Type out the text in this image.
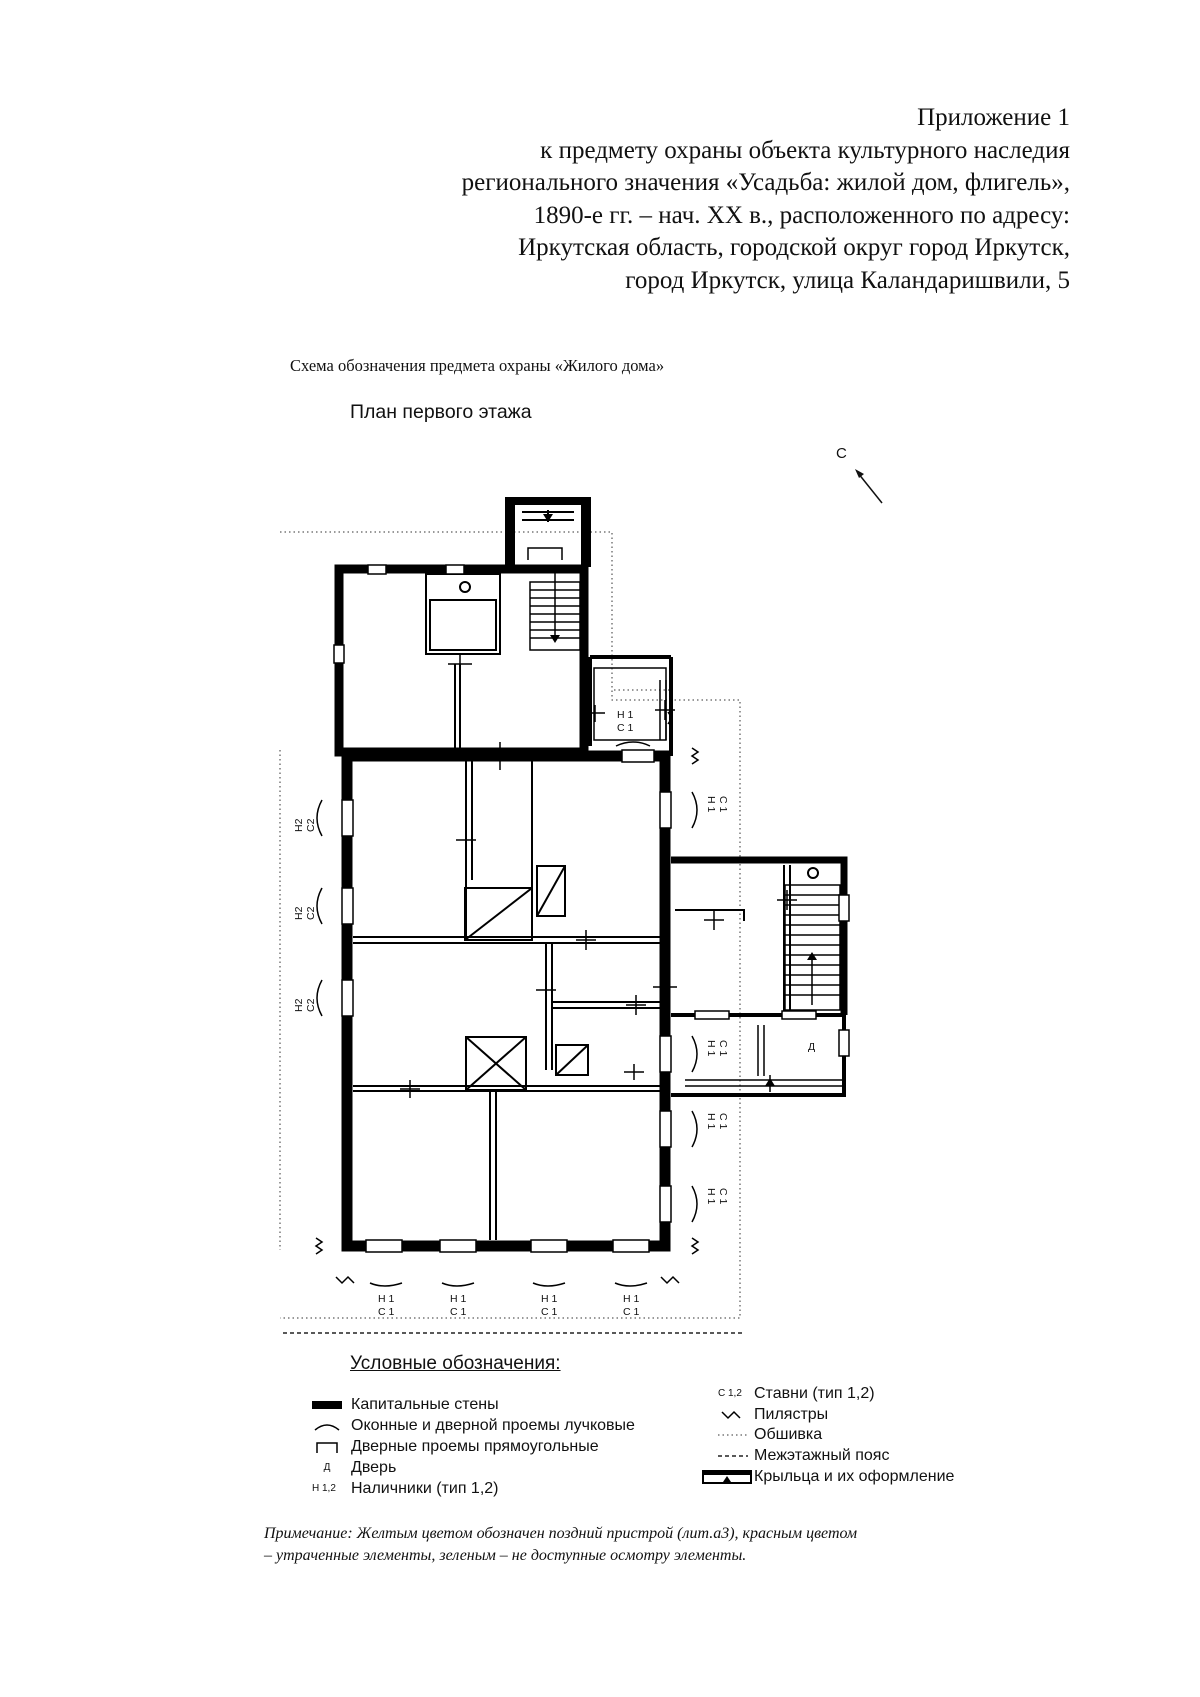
Приложение 1
к предмету охраны объекта культурного наследия
регионального значения «Усадьба: жилой дом, флигель»,
1890-е гг. – нач. XX в., расположенного по адресу:
Иркутская область, городской округ город Иркутск,
город Иркутск, улица Каландаришвили, 5
Схема обозначения предмета охраны «Жилого дома»
План первого этажа
С
Н 1
С 1
Н 1
С 1
Н 1
С 1
Н 1
С 1
Н 1
С 1
Н2 С2
Н2 С2
Н2 С2
Н 1 С 1
Н 1 С 1
Н 1 С 1
Н 1 С 1
Д
Условные обозначения:
Капитальные стены
Оконные и дверной проемы лучковые
Дверные проемы прямоугольные
Д Дверь
Н 1,2 Наличники (тип 1,2)
С 1,2 Ставни (тип 1,2)
Пилястры
Обшивка
Межэтажный пояс
Крыльца и их оформление
Примечание: Желтым цветом обозначен поздний пристрой (лит.а3), красным цветом
– утраченные элементы, зеленым – не доступные осмотру элементы.
